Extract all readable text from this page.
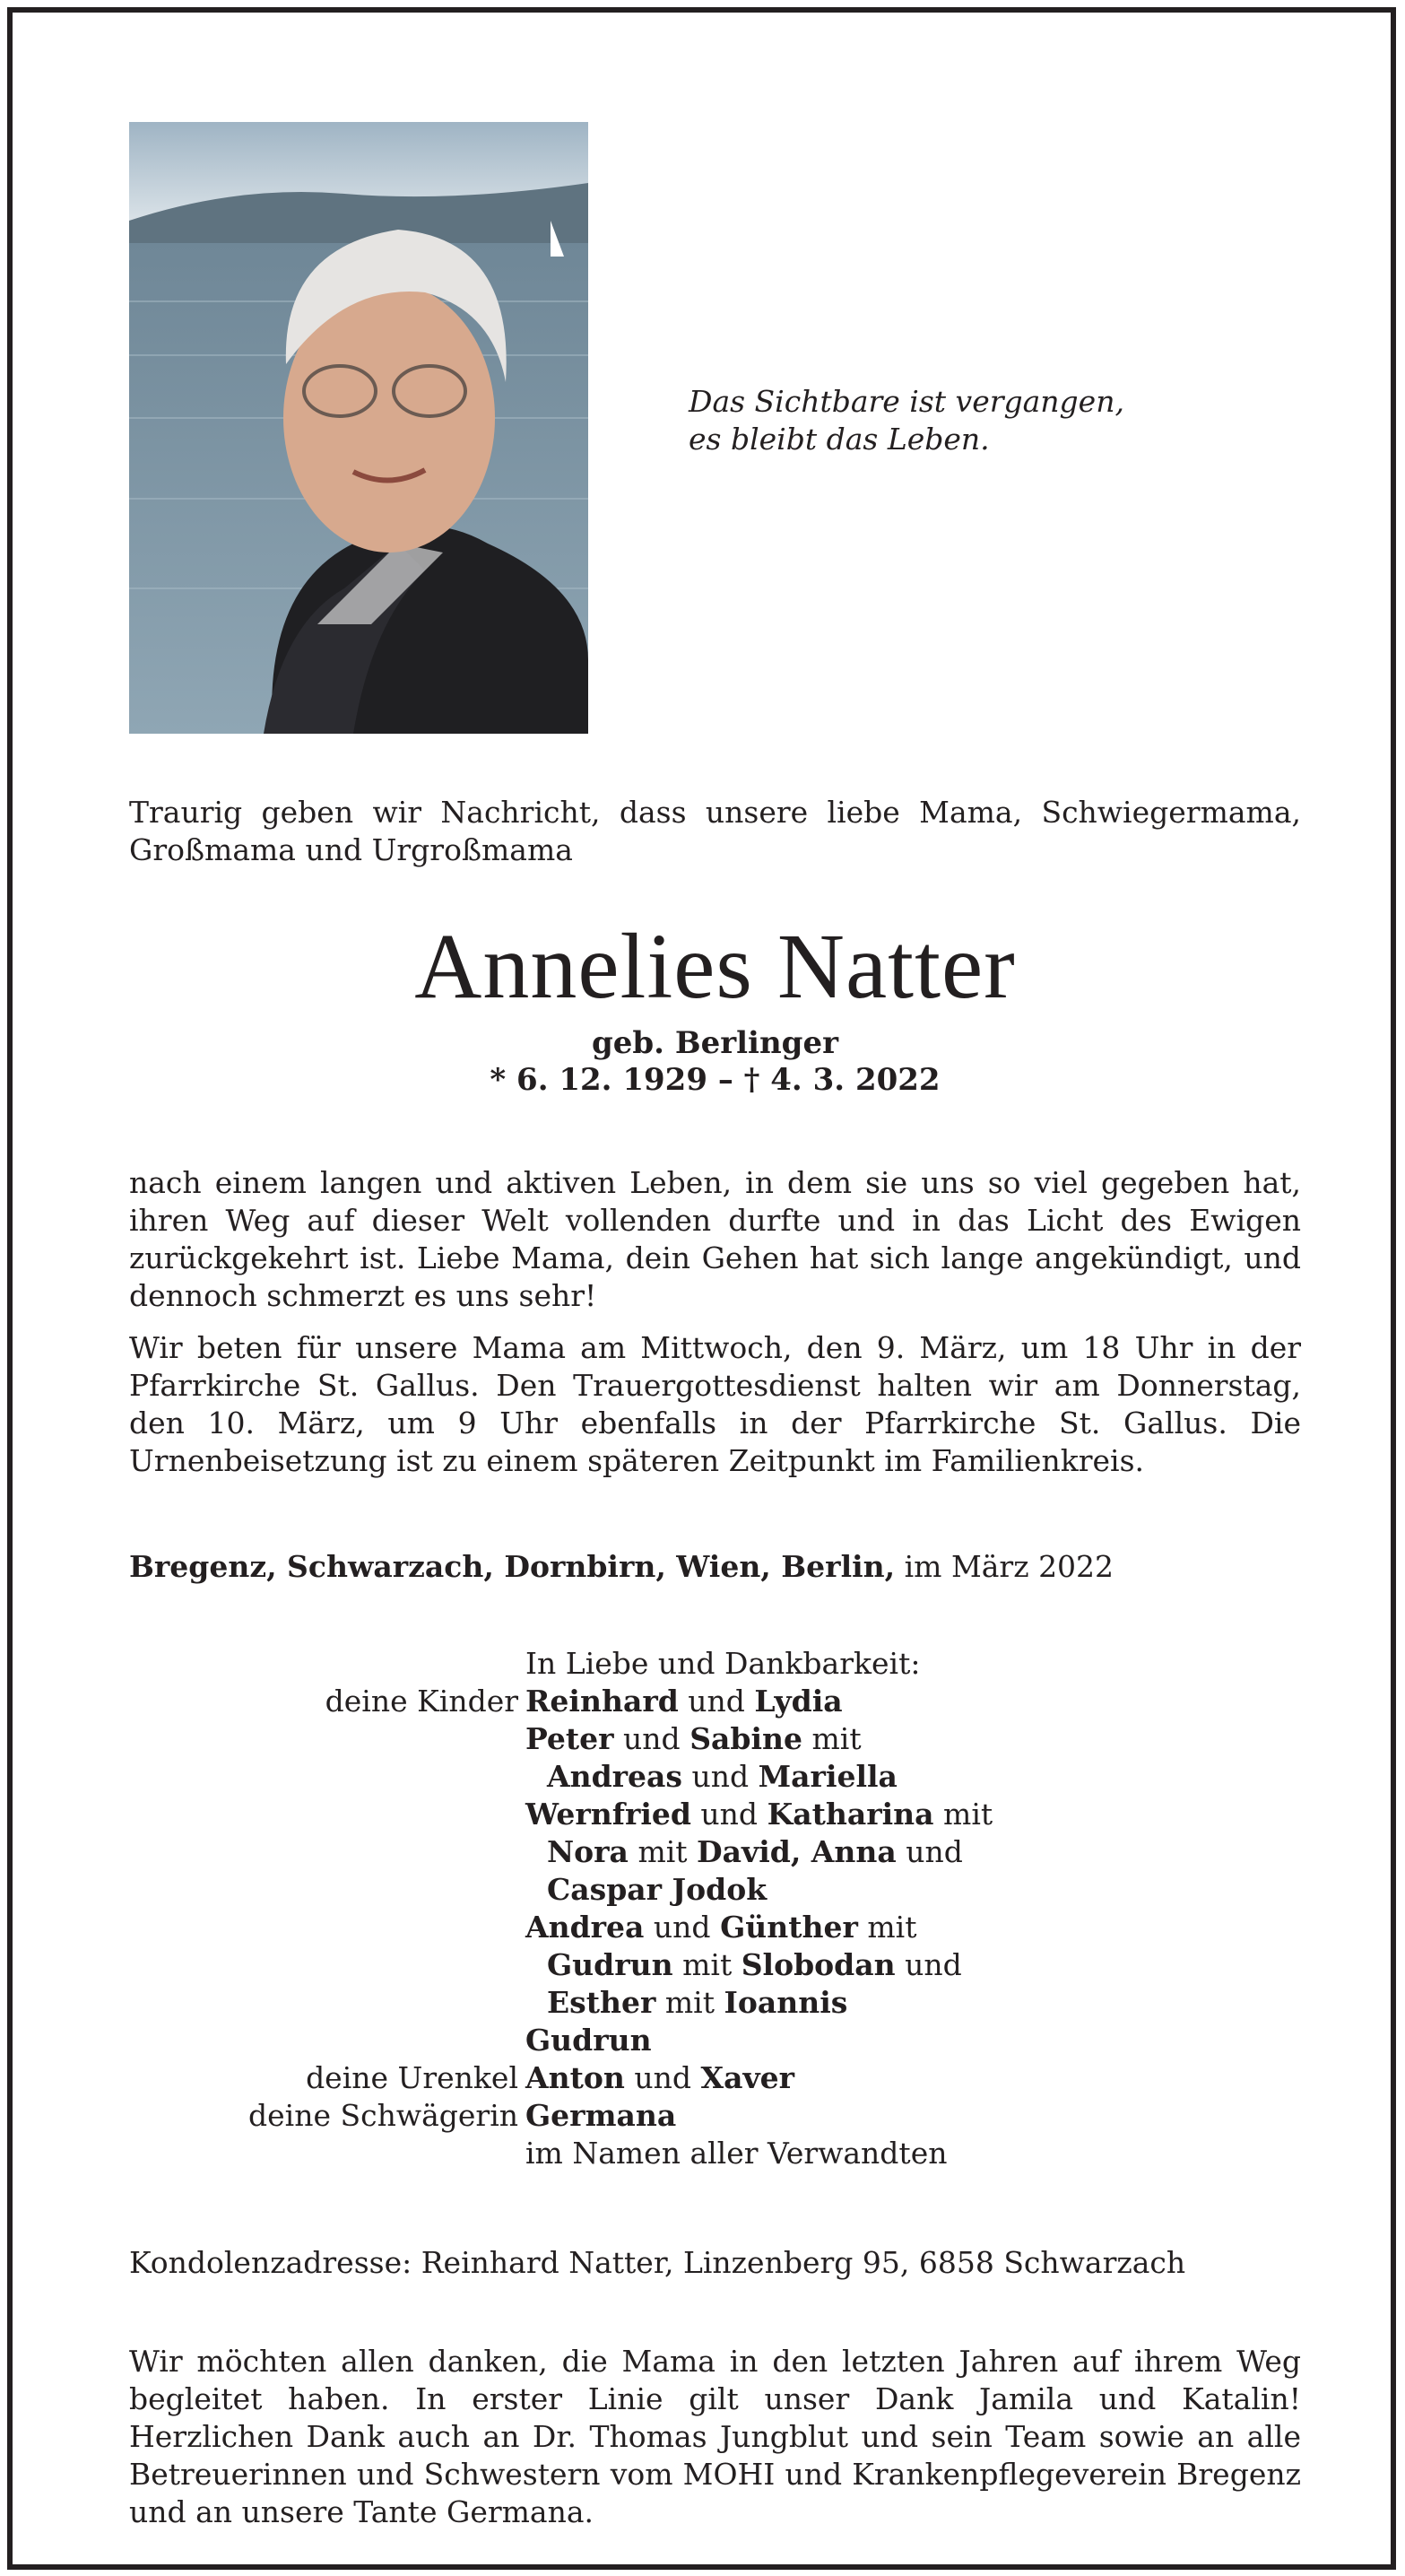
Das Sichtbare ist vergangen,
es bleibt das Leben.
Traurig geben wir Nachricht, dass unsere liebe Mama, Schwiegermama, Großmama und Urgroßmama
Annelies Natter
geb. Berlinger
* 6. 12. 1929 – † 4. 3. 2022
nach einem langen und aktiven Leben, in dem sie uns so viel gegeben hat, ihren Weg auf dieser Welt vollenden durfte und in das Licht des Ewigen zurückgekehrt ist. Liebe Mama, dein Gehen hat sich lange angekündigt, und dennoch schmerzt es uns sehr!
Wir beten für unsere Mama am Mittwoch, den 9. März, um 18 Uhr in der Pfarrkirche St. Gallus. Den Trauergottesdienst halten wir am Donnerstag, den 10. März, um 9 Uhr ebenfalls in der Pfarrkirche St. Gallus. Die Urnenbeisetzung ist zu einem späteren Zeitpunkt im Familienkreis.
Bregenz, Schwarzach, Dornbirn, Wien, Berlin, im März 2022
In Liebe und Dankbarkeit:
deine Kinder Reinhard und Lydia
Peter und Sabine mit
Andreas und Mariella
Wernfried und Katharina mit
Nora mit David, Anna und
Caspar Jodok
Andrea und Günther mit
Gudrun mit Slobodan und
Esther mit Ioannis
Gudrun
deine Urenkel Anton und Xaver
deine Schwägerin Germana
im Namen aller Verwandten
Kondolenzadresse: Reinhard Natter, Linzenberg 95, 6858 Schwarzach
Wir möchten allen danken, die Mama in den letzten Jahren auf ihrem Weg begleitet haben. In erster Linie gilt unser Dank Jamila und Katalin! Herzlichen Dank auch an Dr. Thomas Jungblut und sein Team sowie an alle Betreuerinnen und Schwestern vom MOHI und Krankenpflegeverein Bregenz und an unsere Tante Germana.
